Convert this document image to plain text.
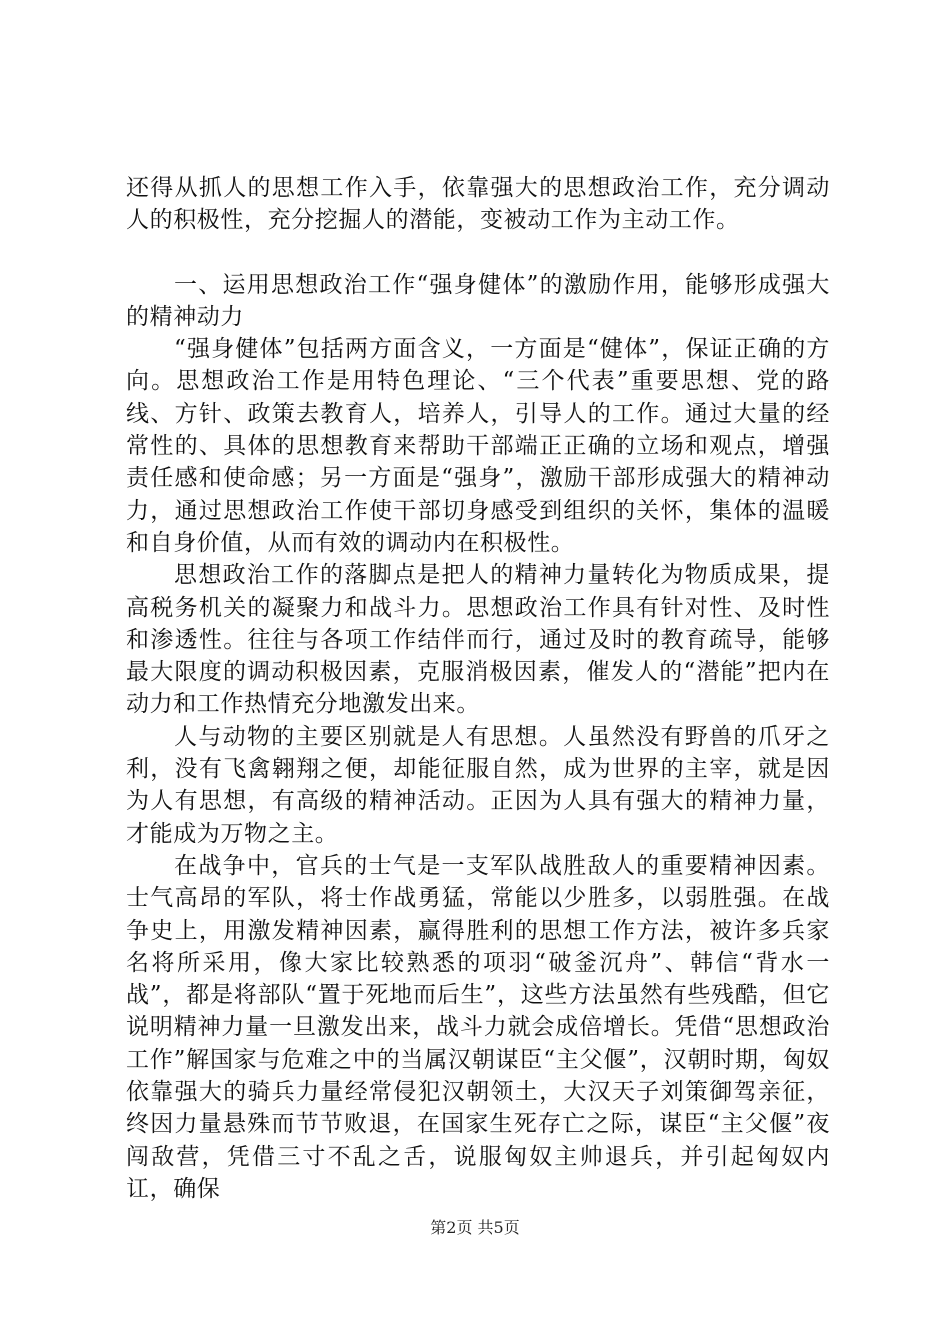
还得从抓人的思想工作入手，依靠强大的思想政治工作，充分调动人的积极性，充分挖掘人的潜能，变被动工作为主动工作。

一、运用思想政治工作“强身健体”的激励作用，能够形成强大的精神动力

“强身健体”包括两方面含义，一方面是“健体”，保证正确的方向。思想政治工作是用特色理论、“三个代表”重要思想、党的路线、方针、政策去教育人，培养人，引导人的工作。通过大量的经常性的、具体的思想教育来帮助干部端正正确的立场和观点，增强责任感和使命感；另一方面是“强身”，激励干部形成强大的精神动力，通过思想政治工作使干部切身感受到组织的关怀，集体的温暖和自身价值，从而有效的调动内在积极性。

思想政治工作的落脚点是把人的精神力量转化为物质成果，提高税务机关的凝聚力和战斗力。思想政治工作具有针对性、及时性和渗透性。往往与各项工作结伴而行，通过及时的教育疏导，能够最大限度的调动积极因素，克服消极因素，催发人的“潜能”把内在动力和工作热情充分地激发出来。

人与动物的主要区别就是人有思想。人虽然没有野兽的爪牙之利，没有飞禽翱翔之便，却能征服自然，成为世界的主宰，就是因为人有思想，有高级的精神活动。正因为人具有强大的精神力量，才能成为万物之主。

在战争中，官兵的士气是一支军队战胜敌人的重要精神因素。士气高昂的军队，将士作战勇猛，常能以少胜多，以弱胜强。在战争史上，用激发精神因素，赢得胜利的思想工作方法，被许多兵家名将所采用，像大家比较熟悉的项羽“破釜沉舟”、韩信“背水一战”，都是将部队“置于死地而后生”，这些方法虽然有些残酷，但它说明精神力量一旦激发出来，战斗力就会成倍增长。凭借“思想政治工作”解国家与危难之中的当属汉朝谋臣“主父偃”，汉朝时期，匈奴依靠强大的骑兵力量经常侵犯汉朝领土，大汉天子刘策御驾亲征，终因力量悬殊而节节败退，在国家生死存亡之际，谋臣“主父偃”夜闯敌营，凭借三寸不乱之舌，说服匈奴主帅退兵，并引起匈奴内讧，确保

第2页 共5页
